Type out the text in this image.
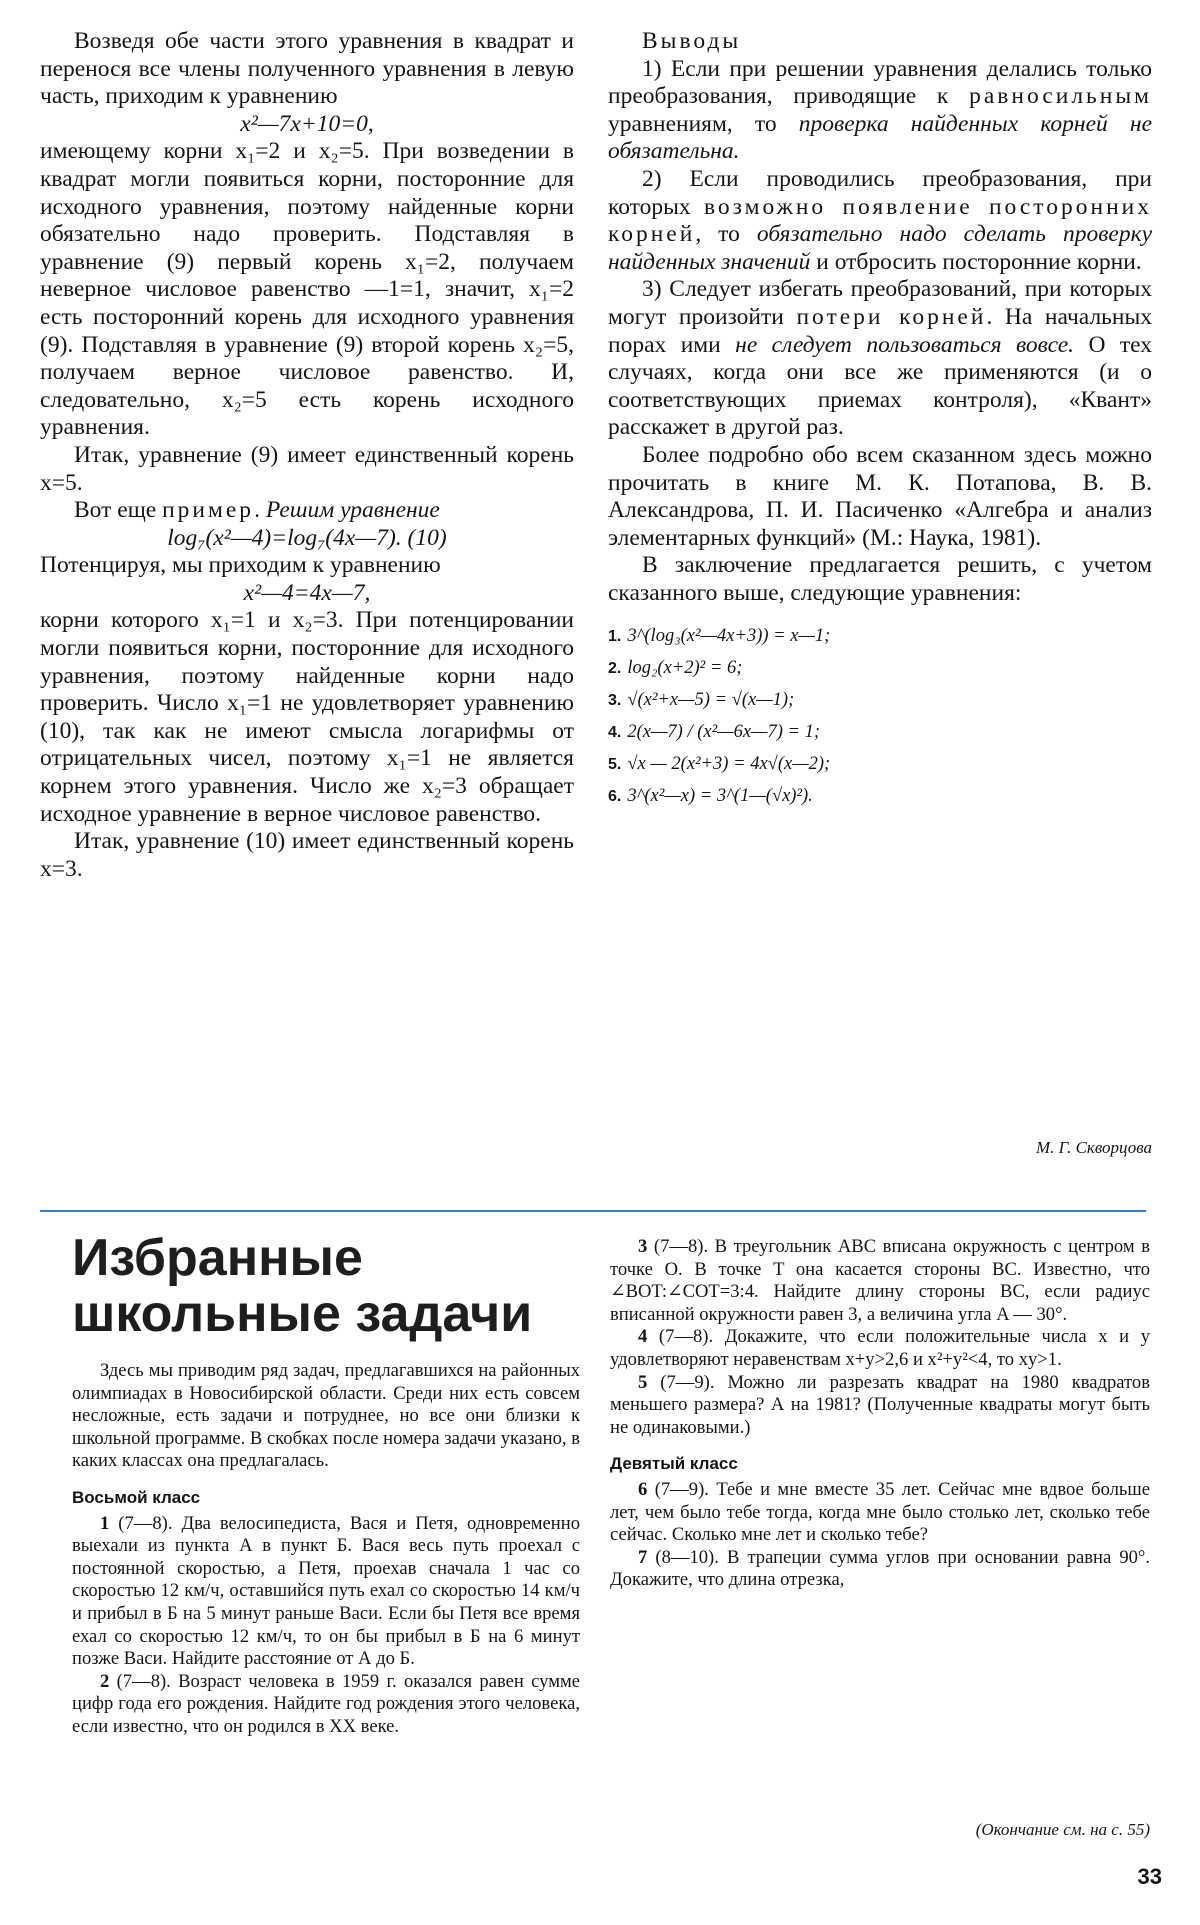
Возведя обе части этого уравнения в квадрат и перенося все члены полученного уравнения в левую часть, приходим к уравнению

x²—7x+10=0,

имеющему корни x₁=2 и x₂=5. При возведении в квадрат могли появиться корни, посторонние для исходного уравнения, поэтому найденные корни обязательно надо проверить. Подставляя в уравнение (9) первый корень x₁=2, получаем неверное числовое равенство —1=1, значит, x₁=2 есть посторонний корень для исходного уравнения (9). Подставляя в уравнение (9) второй корень x₂=5, получаем верное числовое равенство. И, следовательно, x₂=5 есть корень исходного уравнения.

Итак, уравнение (9) имеет единственный корень x=5.

Вот еще пример. Решим уравнение

log₇(x²—4)=log₇(4x—7). (10)

Потенцируя, мы приходим к уравнению

x²—4=4x—7,

корни которого x₁=1 и x₂=3. При потенцировании могли появиться корни, посторонние для исходного уравнения, поэтому найденные корни надо проверить. Число x₁=1 не удовлетворяет уравнению (10), так как не имеют смысла логарифмы от отрицательных чисел, поэтому x₁=1 не является корнем этого уравнения. Число же x₂=3 обращает исходное уравнение в верное числовое равенство.

Итак, уравнение (10) имеет единственный корень x=3.

Выводы

1) Если при решении уравнения делались только преобразования, приводящие к равносильным уравнениям, то проверка найденных корней не обязательна.

2) Если проводились преобразования, при которых возможно появление посторонних корней, то обязательно надо сделать проверку найденных значений и отбросить посторонние корни.

3) Следует избегать преобразований, при которых могут произойти потери корней. На начальных порах ими не следует пользоваться вовсе. О тех случаях, когда они все же применяются (и о соответствующих приемах контроля), «Квант» расскажет в другой раз.

Более подробно обо всем сказанном здесь можно прочитать в книге М. К. Потапова, В. В. Александрова, П. И. Пасиченко «Алгебра и анализ элементарных функций» (М.: Наука, 1981).

В заключение предлагается решить, с учетом сказанного выше, следующие уравнения:

1. 3^(log₃(x²—4x+3)) = x—1;
2. log₂(x+2)² = 6;
3. √(x²+x—5) = √(x—1);
4. 2(x—7) / (x²—6x—7) = 1;
5. √x — 2(x²+3) = 4x√(x—2);
6. 3^(x²—x) = 3^(1—(√x)²).
М. Г. Скворцова
Избранные
школьные задачи

Здесь мы приводим ряд задач, предлагавшихся на районных олимпиадах в Новосибирской области. Среди них есть совсем несложные, есть задачи и потруднее, но все они близки к школьной программе. В скобках после номера задачи указано, в каких классах она предлагалась.

Восьмой класс

1 (7—8). Два велосипедиста, Вася и Петя, одновременно выехали из пункта А в пункт Б. Вася весь путь проехал с постоянной скоростью, а Петя, проехав сначала 1 час со скоростью 12 км/ч, оставшийся путь ехал со скоростью 14 км/ч и прибыл в Б на 5 минут раньше Васи. Если бы Петя все время ехал со скоростью 12 км/ч, то он бы прибыл в Б на 6 минут позже Васи. Найдите расстояние от А до Б.

2 (7—8). Возраст человека в 1959 г. оказался равен сумме цифр года его рождения. Найдите год рождения этого человека, если известно, что он родился в XX веке.

3 (7—8). В треугольник ABC вписана окружность с центром в точке O. В точке T она касается стороны BC. Известно, что ∠BOT:∠COT=3:4. Найдите длину стороны BC, если радиус вписанной окружности равен 3, а величина угла A — 30°.

4 (7—8). Докажите, что если положительные числа x и y удовлетворяют неравенствам x+y>2,6 и x²+y²<4, то xy>1.

5 (7—9). Можно ли разрезать квадрат на 1980 квадратов меньшего размера? А на 1981? (Полученные квадраты могут быть не одинаковыми.)

Девятый класс

6 (7—9). Тебе и мне вместе 35 лет. Сейчас мне вдвое больше лет, чем было тебе тогда, когда мне было столько лет, сколько тебе сейчас. Сколько мне лет и сколько тебе?

7 (8—10). В трапеции сумма углов при основании равна 90°. Докажите, что длина отрезка,

(Окончание см. на с. 55)
33
